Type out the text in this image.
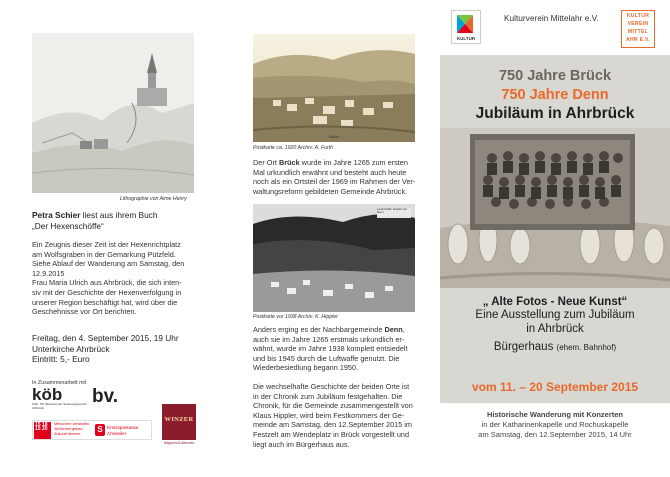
Lithographie von Aime Henry
Petra Schier liest aus ihrem Buch
„Der Hexenschöffe“
Ein Zeugnis dieser Zeit ist der Hexenrichtplatz
am Wolfsgraben in der Gemarkung Pützfeld.
Siehe Ablauf der Wanderung am Samstag, den
12.9.2015
Frau Maria Ulrich aus Ahrbrück, die sich inten-
siv mit der Geschichte der Hexenverfolgung in
unserer Region beschäftigt hat, wird über die
Geschehnisse vor Ort berichten.
Freitag, den 4. September 2015, 19 Uhr
Unterkirche Ahrbrück
Eintritt: 5,- Euro
In Zusammenarbeit mit
köb
Kath. Öff. Bücherei der Seelsorgebereich Ahrbrück
bv.
15 18
15 20
Menschen verbinden.
Sicherheit geben.
Zukunft denken.	S Kreissparkasse Ahrweiler
WINZER
Mayschoß-Altenahr
Brück
Postkarte ca. 1920 Archiv: A. Furth
Der Ort Brück wurde im Jahre 1265 zum ersten
Mal urkundlich erwähnt und besteht auch heute
noch als ein Ortsteil der 1969 im Rahmen der Ver-
waltungsreform gebildeten Gemeinde Ahrbrück.
Landschaftl. Ansicht von Denn
Postkarte vor 1938 Archiv: K. Hippler
Anders erging es der Nachbargemeinde Denn,
auch sie im Jahre 1265 erstmals urkundlich er-
wähnt, wurde im Jahre 1938 komplett entsiedelt
und bis 1945 durch die Luftwaffe genutzt. Die
Wiederbesiedlung begann 1950.
Die wechselhafte Geschichte der beiden Orte ist
in der Chronik zum Jubiläum festgehalten. Die
Chronik, für die Gemeinde zusammengestellt von
Klaus Hippler, wird beim Festkommers der Ge-
meinde am Samstag, den 12.September 2015 im
Festzelt am Wendeplatz in Brück vorgestellt und
liegt auch im Bürgerhaus aus.
KULTUR
Kulturverein Mittelahr e.V.	KULTUR
VEREIN
MITTEL
AHR E.V.
750 Jahre Brück
750 Jahre Denn
Jubiläum in Ahrbrück
„ Alte Fotos - Neue Kunst“
Eine Ausstellung zum Jubiläum
in Ahrbrück
Bürgerhaus (ehem. Bahnhof)
vom 11. – 20 September 2015
Historische Wanderung mit Konzerten
in der Katharinenkapelle und Rochuskapelle
am Samstag, den 12.September 2015, 14 Uhr
